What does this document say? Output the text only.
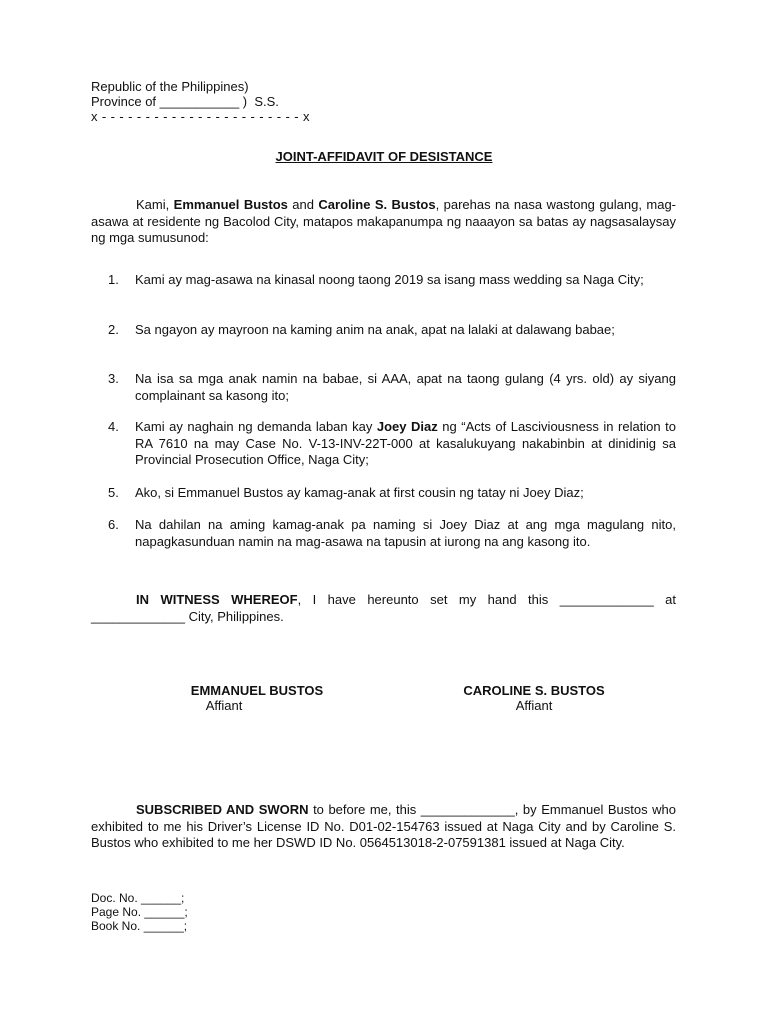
Republic of the Philippines)
Province of ___________ )  S.S.
x - - - - - - - - - - - - - - - - - - - - - - - x
JOINT-AFFIDAVIT OF DESISTANCE
Kami, Emmanuel Bustos and Caroline S. Bustos, parehas na nasa wastong gulang, mag-asawa at residente ng Bacolod City, matapos makapanumpa ng naaayon sa batas ay nagsasalaysay ng mga sumusunod:
1. Kami ay mag-asawa na kinasal noong taong 2019 sa isang mass wedding sa Naga City;
2. Sa ngayon ay mayroon na kaming anim na anak, apat na lalaki at dalawang babae;
3. Na isa sa mga anak namin na babae, si AAA, apat na taong gulang (4 yrs. old) ay siyang complainant sa kasong ito;
4. Kami ay naghain ng demanda laban kay Joey Diaz ng “Acts of Lasciviousness in relation to RA 7610 na may Case No. V-13-INV-22T-000 at kasalukuyang nakabinbin at dinidinig sa Provincial Prosecution Office, Naga City;
5. Ako, si Emmanuel Bustos ay kamag-anak at first cousin ng tatay ni Joey Diaz;
6. Na dahilan na aming kamag-anak pa naming si Joey Diaz at ang mga magulang nito, napagkasunduan namin na mag-asawa na tapusin at iurong na ang kasong ito.
IN WITNESS WHEREOF, I have hereunto set my hand this _____________ at _____________ City, Philippines.
EMMANUEL BUSTOS
Affiant
CAROLINE S. BUSTOS
Affiant
SUBSCRIBED AND SWORN to before me, this _____________, by Emmanuel Bustos who exhibited to me his Driver’s License ID No. D01-02-154763 issued at Naga City and by Caroline S. Bustos who exhibited to me her DSWD ID No. 0564513018-2-07591381 issued at Naga City.
Doc. No. ______;
Page No. ______;
Book No. ______;
